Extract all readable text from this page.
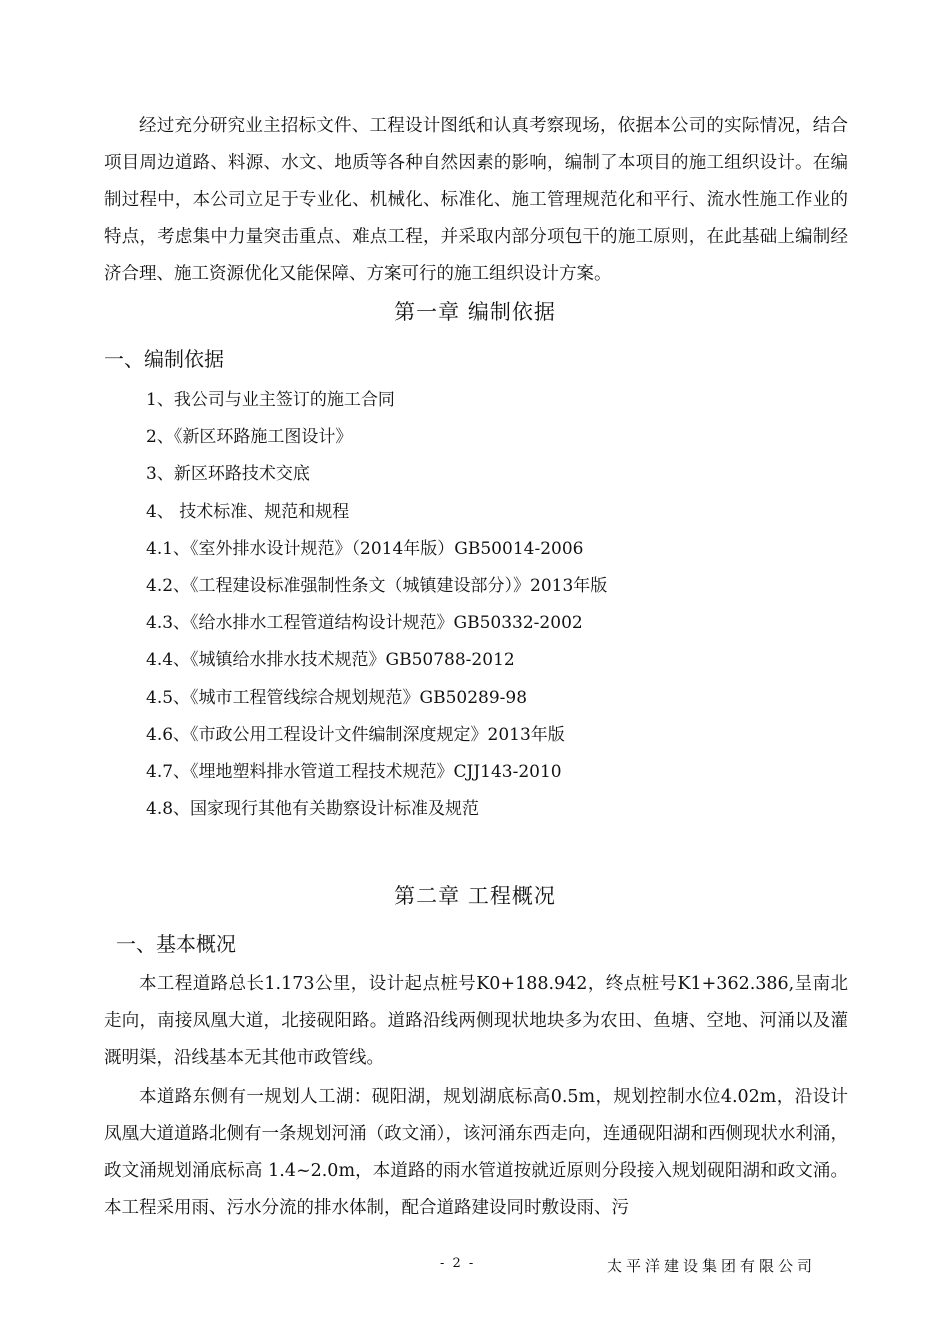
经过充分研究业主招标文件、工程设计图纸和认真考察现场，依据本公司的实际情况，结合项目周边道路、料源、水文、地质等各种自然因素的影响，编制了本项目的施工组织设计。在编制过程中，本公司立足于专业化、机械化、标准化、施工管理规范化和平行、流水性施工作业的特点，考虑集中力量突击重点、难点工程，并采取内部分项包干的施工原则，在此基础上编制经济合理、施工资源优化又能保障、方案可行的施工组织设计方案。

第一章 编制依据
一、编制依据
1、我公司与业主签订的施工合同
2、《新区环路施工图设计》
3、新区环路技术交底
4、 技术标准、规范和规程
4.1、《室外排水设计规范》（2014年版）GB50014-2006
4.2、《工程建设标准强制性条文（城镇建设部分）》2013年版
4.3、《给水排水工程管道结构设计规范》GB50332-2002
4.4、《城镇给水排水技术规范》GB50788-2012
4.5、《城市工程管线综合规划规范》GB50289-98
4.6、《市政公用工程设计文件编制深度规定》2013年版
4.7、《埋地塑料排水管道工程技术规范》CJJ143-2010
4.8、国家现行其他有关勘察设计标准及规范
第二章 工程概况
一、基本概况

本工程道路总长1.173公里，设计起点桩号K0+188.942，终点桩号K1+362.386,呈南北走向，南接凤凰大道，北接砚阳路。道路沿线两侧现状地块多为农田、鱼塘、空地、河涌以及灌溉明渠，沿线基本无其他市政管线。

本道路东侧有一规划人工湖：砚阳湖，规划湖底标高0.5m，规划控制水位4.02m，沿设计凤凰大道道路北侧有一条规划河涌（政文涌），该河涌东西走向，连通砚阳湖和西侧现状水利涌，政文涌规划涌底标高 1.4~2.0m，本道路的雨水管道按就近原则分段接入规划砚阳湖和政文涌。本工程采用雨、污水分流的排水体制，配合道路建设同时敷设雨、污

- 2 -	太平洋建设集团有限公司
